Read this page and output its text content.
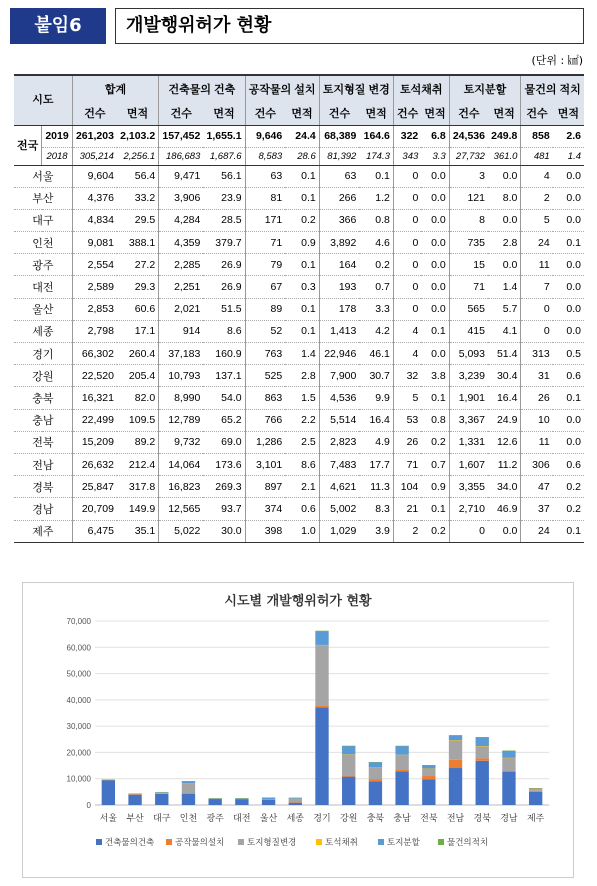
붙임6	개발행위허가 현황
(단위 : ㎢)
시도		합계		건축물의 건축		공작물의 설치		토지형질 변경		토석채취		토지분할		물건의 적치	
		건수	면적	건수	면적	건수	면적	건수	면적	건수	면적	건수	면적	건수	면적
전국	2019	261,203	2,103.2	157,452	1,655.1	9,646	24.4	68,389	164.6	322	6.8	24,536	249.8	858	2.6
	2018	305,214	2,256.1	186,683	1,687.6	8,583	28.6	81,392	174.3	343	3.3	27,732	361.0	481	1.4
서울		9,604	56.4	9,471	56.1	63	0.1	63	0.1	0	0.0	3	0.0	4	0.0
부산		4,376	33.2	3,906	23.9	81	0.1	266	1.2	0	0.0	121	8.0	2	0.0
대구		4,834	29.5	4,284	28.5	171	0.2	366	0.8	0	0.0	8	0.0	5	0.0
인천		9,081	388.1	4,359	379.7	71	0.9	3,892	4.6	0	0.0	735	2.8	24	0.1
광주		2,554	27.2	2,285	26.9	79	0.1	164	0.2	0	0.0	15	0.0	11	0.0
대전		2,589	29.3	2,251	26.9	67	0.3	193	0.7	0	0.0	71	1.4	7	0.0
울산		2,853	60.6	2,021	51.5	89	0.1	178	3.3	0	0.0	565	5.7	0	0.0
세종		2,798	17.1	914	8.6	52	0.1	1,413	4.2	4	0.1	415	4.1	0	0.0
경기		66,302	260.4	37,183	160.9	763	1.4	22,946	46.1	4	0.0	5,093	51.4	313	0.5
강원		22,520	205.4	10,793	137.1	525	2.8	7,900	30.7	32	3.8	3,239	30.4	31	0.6
충북		16,321	82.0	8,990	54.0	863	1.5	4,536	9.9	5	0.1	1,901	16.4	26	0.1
충남		22,499	109.5	12,789	65.2	766	2.2	5,514	16.4	53	0.8	3,367	24.9	10	0.0
전북		15,209	89.2	9,732	69.0	1,286	2.5	2,823	4.9	26	0.2	1,331	12.6	11	0.0
전남		26,632	212.4	14,064	173.6	3,101	8.6	7,483	17.7	71	0.7	1,607	11.2	306	0.6
경북		25,847	317.8	16,823	269.3	897	2.1	4,621	11.3	104	0.9	3,355	34.0	47	0.2
경남		20,709	149.9	12,565	93.7	374	0.6	5,002	8.3	21	0.1	2,710	46.9	37	0.2
제주		6,475	35.1	5,022	30.0	398	1.0	1,029	3.9	2	0.2	0	0.0	24	0.1
시도별 개발행위허가 현황
0
10,000
20,000
30,000
40,000
50,000
60,000
70,000
서울 부산 대구 인천 광주 대전 울산 세종 경기 강원 충북 충남 전북 전남 경북 경남 제주
건축물의건축 공작물의설치	토지형질변경	토석채취	토지분할	물건의적치
